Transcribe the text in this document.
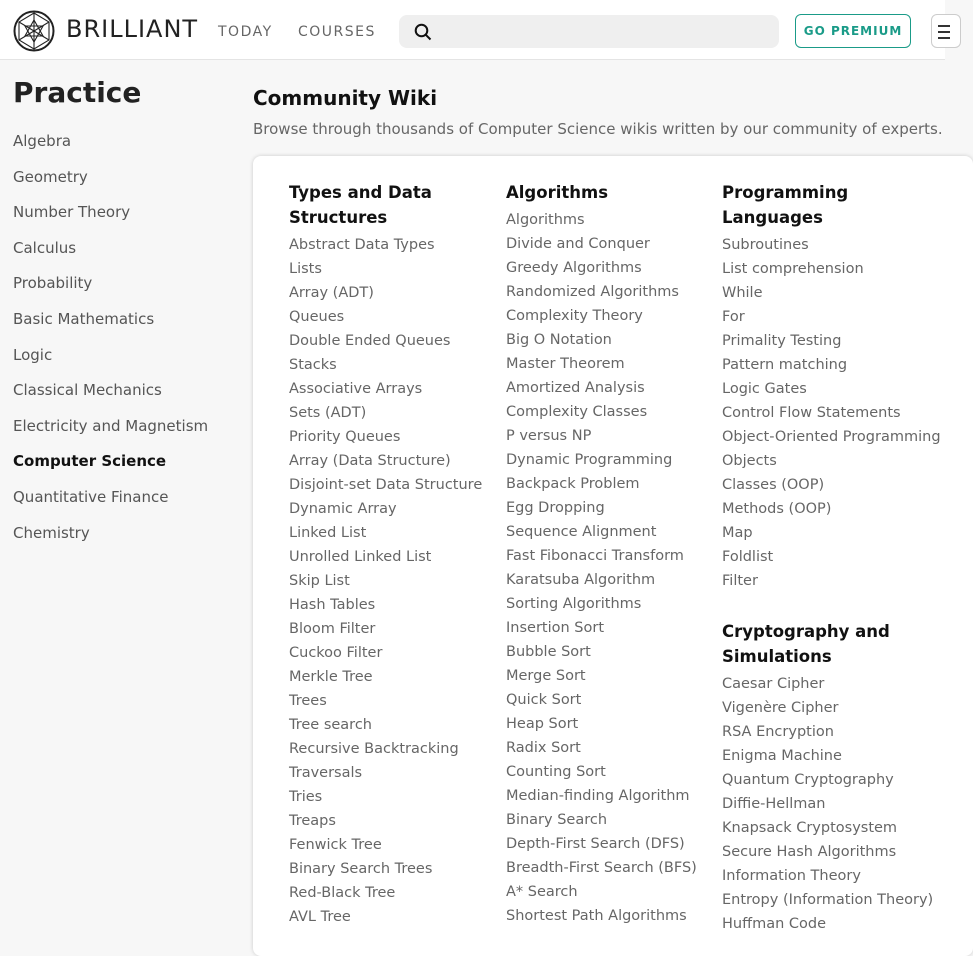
BRILLIANT TODAY COURSES	GO PREMIUM
Practice
Algebra
Geometry
Number Theory
Calculus
Probability
Basic Mathematics
Logic
Classical Mechanics
Electricity and Magnetism
Computer Science
Quantitative Finance
Chemistry
Community Wiki
Browse through thousands of Computer Science wikis written by our community of experts.
Types and Data Structures
Abstract Data Types
Lists
Array (ADT)
Queues
Double Ended Queues
Stacks
Associative Arrays
Sets (ADT)
Priority Queues
Array (Data Structure)
Disjoint-set Data Structure
Dynamic Array
Linked List
Unrolled Linked List
Skip List
Hash Tables
Bloom Filter
Cuckoo Filter
Merkle Tree
Trees
Tree search
Recursive Backtracking
Traversals
Tries
Treaps
Fenwick Tree
Binary Search Trees
Red-Black Tree
AVL Tree
Algorithms
Algorithms
Divide and Conquer
Greedy Algorithms
Randomized Algorithms
Complexity Theory
Big O Notation
Master Theorem
Amortized Analysis
Complexity Classes
P versus NP
Dynamic Programming
Backpack Problem
Egg Dropping
Sequence Alignment
Fast Fibonacci Transform
Karatsuba Algorithm
Sorting Algorithms
Insertion Sort
Bubble Sort
Merge Sort
Quick Sort
Heap Sort
Radix Sort
Counting Sort
Median-finding Algorithm
Binary Search
Depth-First Search (DFS)
Breadth-First Search (BFS)
A* Search
Shortest Path Algorithms
Programming Languages
Subroutines
List comprehension
While
For
Primality Testing
Pattern matching
Logic Gates
Control Flow Statements
Object-Oriented Programming
Objects
Classes (OOP)
Methods (OOP)
Map
Foldlist
Filter
Cryptography and Simulations
Caesar Cipher
Vigenère Cipher
RSA Encryption
Enigma Machine
Quantum Cryptography
Diffie-Hellman
Knapsack Cryptosystem
Secure Hash Algorithms
Information Theory
Entropy (Information Theory)
Huffman Code
